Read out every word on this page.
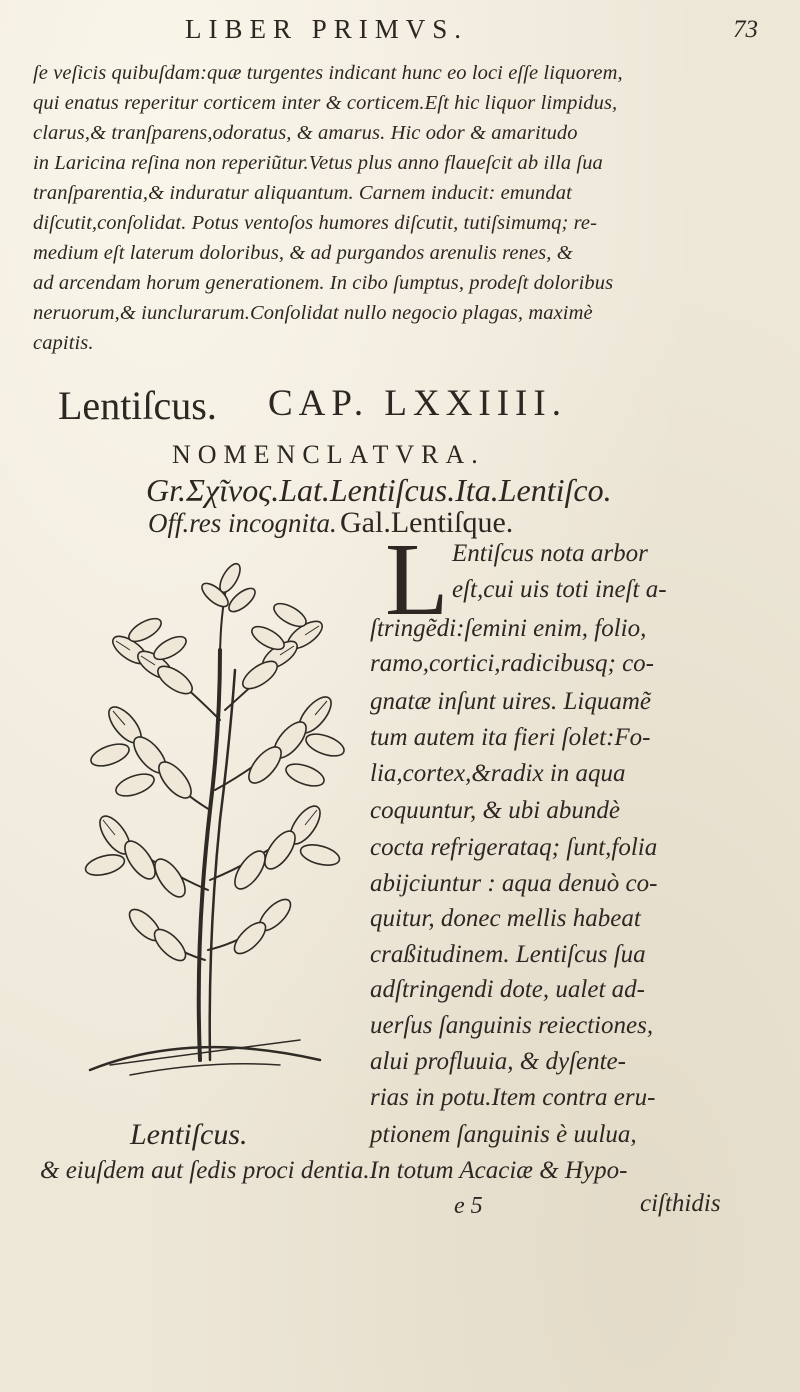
LIBER PRIMVS.	73
ſe veſicis quibuſdam:quæ turgentes indicant hunc eo loci eſſe liquorem,
qui enatus reperitur corticem inter & corticem.Eſt hic liquor limpidus,
clarus,& tranſparens,odoratus, & amarus. Hic odor & amaritudo
in Laricina reſina non reperiũtur.Vetus plus anno flaueſcit ab illa ſua
tranſparentia,& induratur aliquantum. Carnem inducit: emundat
diſcutit,conſolidat. Potus ventoſos humores diſcutit, tutiſsimumq; re-
medium eſt laterum doloribus, & ad purgandos arenulis renes, &
ad arcendam horum generationem. In cibo ſumptus, prodeſt doloribus
neruorum,& iunclurarum.Conſolidat nullo negocio plagas, maximè
capitis.
Lentiſcus. CAP. LXXIIII.
NOMENCLATVRA.
Gr.Σχῖνος.Lat.Lentiſcus.Ita.Lentiſco.
Off.res incognita. Gal.Lentiſque.
L Entiſcus nota arbor
eſt,cui uis toti ineſt a-
ſtringẽdi:ſemini enim, folio,
ramo,cortici,radicibusq; co-
gnatæ inſunt uires. Liquamẽ
tum autem ita fieri ſolet:Fo-
lia,cortex,&radix in aqua
coquuntur, & ubi abundè
cocta refrigerataq; ſunt,folia
abijciuntur : aqua denuò co-
quitur, donec mellis habeat
craßitudinem. Lentiſcus ſua
adſtringendi dote, ualet ad-
uerſus ſanguinis reiectiones,
alui profluuia, & dyſente-
rias in potu.Item contra eru-
ptionem ſanguinis è uulua,
Lentiſcus.
& eiuſdem aut ſedis proci dentia.In totum Acaciæ & Hypo-
e 5	ciſthidis
